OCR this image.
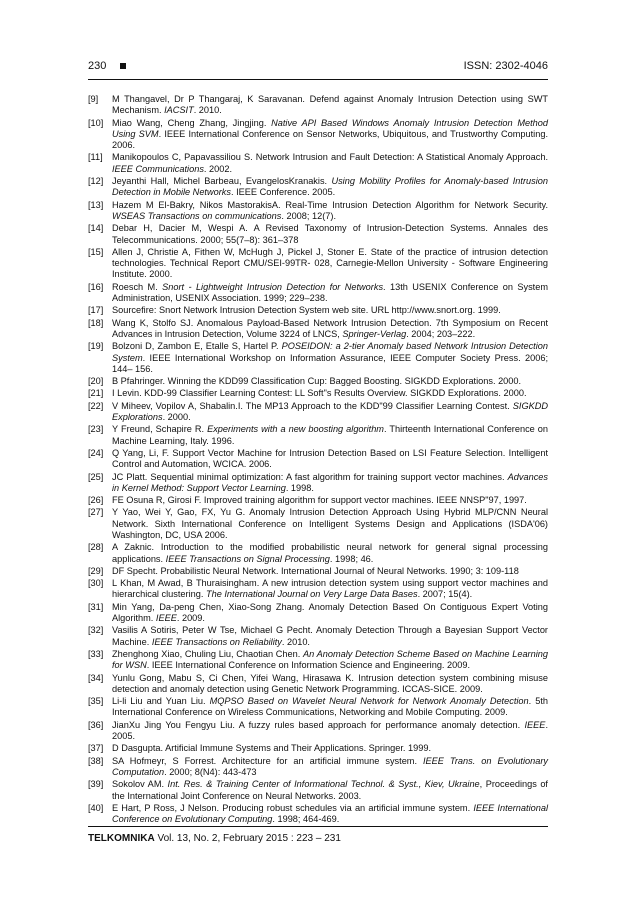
230	ISSN: 2302-4046
[9] M Thangavel, Dr P Thangaraj, K Saravanan. Defend against Anomaly Intrusion Detection using SWT Mechanism. IACSIT. 2010.
[10] Miao Wang, Cheng Zhang, Jingjing. Native API Based Windows Anomaly Intrusion Detection Method Using SVM. IEEE International Conference on Sensor Networks, Ubiquitous, and Trustworthy Computing. 2006.
[11] Manikopoulos C, Papavassiliou S. Network Intrusion and Fault Detection: A Statistical Anomaly Approach. IEEE Communications. 2002.
[12] Jeyanthi Hall, Michel Barbeau, EvangelosKranakis. Using Mobility Profiles for Anomaly-based Intrusion Detection in Mobile Networks. IEEE Conference. 2005.
[13] Hazem M El-Bakry, Nikos MastorakisA. Real-Time Intrusion Detection Algorithm for Network Security. WSEAS Transactions on communications. 2008; 12(7).
[14] Debar H, Dacier M, Wespi A. A Revised Taxonomy of Intrusion-Detection Systems. Annales des Telecommunications. 2000; 55(7–8): 361–378
[15] Allen J, Christie A, Fithen W, McHugh J, Pickel J, Stoner E. State of the practice of intrusion detection technologies. Technical Report CMU/SEI-99TR- 028, Carnegie-Mellon University - Software Engineering Institute. 2000.
[16] Roesch M. Snort - Lightweight Intrusion Detection for Networks. 13th USENIX Conference on System Administration, USENIX Association. 1999; 229–238.
[17] Sourcefire: Snort Network Intrusion Detection System web site. URL http://www.snort.org. 1999.
[18] Wang K, Stolfo SJ. Anomalous Payload-Based Network Intrusion Detection. 7th Symposium on Recent Advances in Intrusion Detection, Volume 3224 of LNCS, Springer-Verlag. 2004; 203–222.
[19] Bolzoni D, Zambon E, Etalle S, Hartel P. POSEIDON: a 2-tier Anomaly based Network Intrusion Detection System. IEEE International Workshop on Information Assurance, IEEE Computer Society Press. 2006; 144– 156.
[20] B Pfahringer. Winning the KDD99 Classification Cup: Bagged Boosting. SIGKDD Explorations. 2000.
[21] I Levin. KDD-99 Classifier Learning Contest: LL Soft"s Results Overview. SIGKDD Explorations. 2000.
[22] V Miheev, Vopilov A, Shabalin.I. The MP13 Approach to the KDD"99 Classifier Learning Contest. SIGKDD Explorations. 2000.
[23] Y Freund, Schapire R. Experiments with a new boosting algorithm. Thirteenth International Conference on Machine Learning, Italy. 1996.
[24] Q Yang, Li, F. Support Vector Machine for Intrusion Detection Based on LSI Feature Selection. Intelligent Control and Automation, WCICA. 2006.
[25] JC Platt. Sequential minimal optimization: A fast algorithm for training support vector machines. Advances in Kernel Method: Support Vector Learning. 1998.
[26] FE Osuna R, Girosi F. Improved training algorithm for support vector machines. IEEE NNSP"97, 1997.
[27] Y Yao, Wei Y, Gao, FX, Yu G. Anomaly Intrusion Detection Approach Using Hybrid MLP/CNN Neural Network. Sixth International Conference on Intelligent Systems Design and Applications (ISDA'06) Washington, DC, USA 2006.
[28] A Zaknic. Introduction to the modified probabilistic neural network for general signal processing applications. IEEE Transactions on Signal Processing. 1998; 46.
[29] DF Specht. Probabilistic Neural Network. International Journal of Neural Networks. 1990; 3: 109-118
[30] L Khan, M Awad, B Thuraisingham. A new intrusion detection system using support vector machines and hierarchical clustering. The International Journal on Very Large Data Bases. 2007; 15(4).
[31] Min Yang, Da-peng Chen, Xiao-Song Zhang. Anomaly Detection Based On Contiguous Expert Voting Algorithm. IEEE. 2009.
[32] Vasilis A Sotiris, Peter W Tse, Michael G Pecht. Anomaly Detection Through a Bayesian Support Vector Machine. IEEE Transactions on Reliability. 2010.
[33] Zhenghong Xiao, Chuling Liu, Chaotian Chen. An Anomaly Detection Scheme Based on Machine Learning for WSN. IEEE International Conference on Information Science and Engineering. 2009.
[34] Yunlu Gong, Mabu S, Ci Chen, Yifei Wang, Hirasawa K. Intrusion detection system combining misuse detection and anomaly detection using Genetic Network Programming. ICCAS-SICE. 2009.
[35] Li-li Liu and Yuan Liu. MQPSO Based on Wavelet Neural Network for Network Anomaly Detection. 5th International Conference on Wireless Communications, Networking and Mobile Computing. 2009.
[36] JianXu Jing You Fengyu Liu. A fuzzy rules based approach for performance anomaly detection. IEEE. 2005.
[37] D Dasgupta. Artificial Immune Systems and Their Applications. Springer. 1999.
[38] SA Hofmeyr, S Forrest. Architecture for an artificial immune system. IEEE Trans. on Evolutionary Computation. 2000; 8(N4): 443-473
[39] Sokolov AM. Int. Res. & Training Center of Informational Technol. & Syst., Kiev, Ukraine, Proceedings of the International Joint Conference on Neural Networks. 2003.
[40] E Hart, P Ross, J Nelson. Producing robust schedules via an artificial immune system. IEEE International Conference on Evolutionary Computing. 1998; 464-469.
TELKOMNIKA Vol. 13, No. 2, February 2015 : 223 – 231
